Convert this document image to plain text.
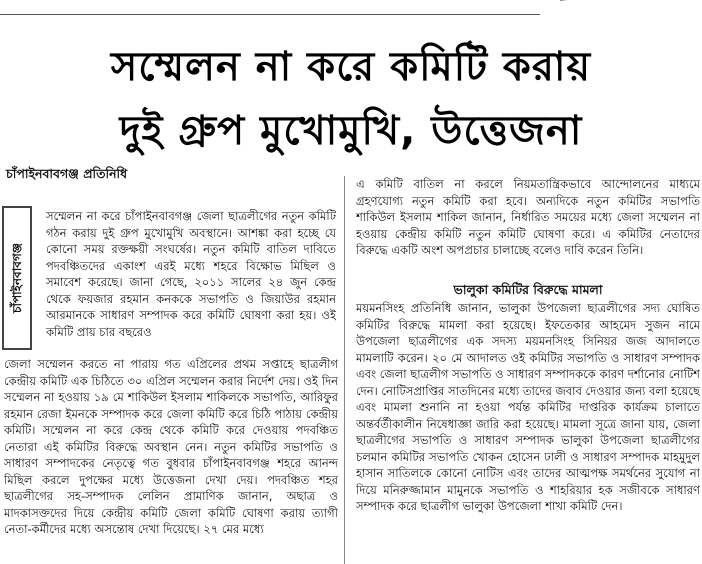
সম্মেলন না করে কমিটি করায়
দুই গ্রুপ মুখোমুখি, উত্তেজনা
চাঁপাইনবাবগঞ্জ প্রতিনিধি
চাঁপাইনবাবগঞ্জ

সম্মেলন না করে চাঁপাইনবাবগঞ্জ জেলা ছাত্রলীগের নতুন কমিটি গঠন করায় দুই গ্রুপ মুখোমুখি অবস্থানে। আশঙ্কা করা হচ্ছে যে কোনো সময় রক্তক্ষয়ী সংঘর্ষের। নতুন কমিটি বাতিল দাবিতে পদবঞ্চিতদের একাংশ এরই মধ্যে শহরে বিক্ষোভ মিছিল ও সমাবেশ করেছে। জানা গেছে, ২০১১ সালের ২৪ জুন কেন্দ্র থেকে ফয়জার রহমান কনককে সভাপতি ও জিয়াউর রহমান আরমানকে সাধারণ সম্পাদক করে কমিটি ঘোষণা করা হয়। ওই কমিটি প্রায় চার বছরেও

জেলা সম্মেলন করতে না পারায় গত এপ্রিলের প্রথম সপ্তাহে ছাত্রলীগ কেন্দ্রীয় কমিটি এক চিঠিতে ৩০ এপ্রিল সম্মেলন করার নির্দেশ দেয়। ওই দিন সম্মেলন না হওয়ায় ১৯ মে শাকিউল ইসলাম শাকিলকে সভাপতি, আরিফুর রহমান রেজা ইমনকে সম্পাদক করে জেলা কমিটি করে চিঠি পাঠায় কেন্দ্রীয় কমিটি। সম্মেলন না করে কেন্দ্র থেকে কমিটি করে দেওয়ায় পদবঞ্চিত নেতারা এই কমিটির বিরুদ্ধে অবস্থান নেন। নতুন কমিটির সভাপতি ও সাধারণ সম্পাদকের নেতৃত্বে গত বুধবার চাঁপাইনবাবগঞ্জ শহরে আনন্দ মিছিল করলে দুপক্ষের মধ্যে উত্তেজনা দেখা দেয়। পদবঞ্চিত শহর ছাত্রলীগের সহ-সম্পাদক লেলিন প্রামাণিক জানান, অছাত্র ও মাদকাসক্তদের দিয়ে কেন্দ্রীয় কমিটি জেলা কমিটি ঘোষণা করায় ত্যাগী নেতা-কর্মীদের মধ্যে অসন্তোষ দেখা দিয়েছে। ২৭ মের মধ্যে

এ কমিটি বাতিল না করলে নিয়মতান্ত্রিকভাবে আন্দোলনের মাধ্যমে গ্রহণযোগ্য নতুন কমিটি করা হবে। অন্যদিকে নতুন কমিটির সভাপতি শাকিউল ইসলাম শাকিল জানান, নির্ধারিত সময়ের মধ্যে জেলা সম্মেলন না হওয়ায় কেন্দ্রীয় কমিটি নতুন কমিটি ঘোষণা করে। এ কমিটির নেতাদের বিরুদ্ধে একটি অংশ অপপ্রচার চালাচ্ছে বলেও দাবি করেন তিনি।

ভালুকা কমিটির বিরুদ্ধে মামলা

ময়মনসিংহ প্রতিনিধি জানান, ভালুকা উপজেলা ছাত্রলীগের সদ্য ঘোষিত কমিটির বিরুদ্ধে মামলা করা হয়েছে। ইফতেকার আহমেদ সুজন নামে উপজেলা ছাত্রলীগের এক সদস্য ময়মনসিংহ সিনিয়র জজ আদালতে মামলাটি করেন। ২০ মে আদালত ওই কমিটির সভাপতি ও সাধারণ সম্পাদক এবং জেলা ছাত্রলীগ সভাপতি ও সাধারণ সম্পাদককে কারণ দর্শানোর নোটিশ দেন। নোটিসপ্রাপ্তির সাতদিনের মধ্যে তাদের জবাব দেওয়ার জন্য বলা হয়েছে এবং মামলা শুনানি না হওয়া পর্যন্ত কমিটির দাপ্তরিক কার্যক্রম চালাতে অন্তর্বর্তীকালীন নিষেধাজ্ঞা জারি করা হয়েছে। মামলা সূত্রে জানা যায়, জেলা ছাত্রলীগের সভাপতি ও সাধারণ সম্পাদক ভালুকা উপজেলা ছাত্রলীগের চলমান কমিটির সভাপতি খোকন হোসেন ঢালী ও সাধারণ সম্পাদক মাহমুদুল হাসান সাতিলকে কোনো নোটিস এবং তাদের আত্মপক্ষ সমর্থনের সুযোগ না দিয়ে মনিরুজ্জামান মামুনকে সভাপতি ও শাহরিয়ার হক সজীবকে সাধারণ সম্পাদক করে ছাত্রলীগ ভালুকা উপজেলা শাখা কমিটি দেন।
